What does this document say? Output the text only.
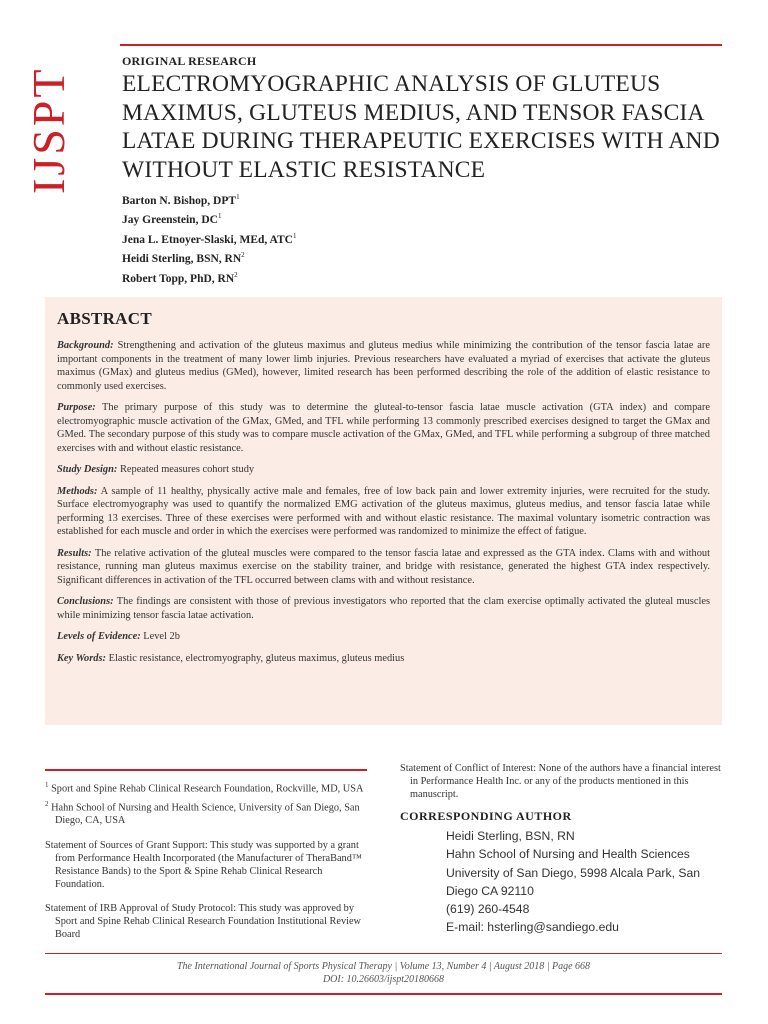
IJSPT
ORIGINAL RESEARCH
ELECTROMYOGRAPHIC ANALYSIS OF GLUTEUS
MAXIMUS, GLUTEUS MEDIUS, AND TENSOR FASCIA
LATAE DURING THERAPEUTIC EXERCISES WITH AND
WITHOUT ELASTIC RESISTANCE
Barton N. Bishop, DPT$^1$
Jay Greenstein, $DC^1$
Jena L. Etnoyer-Slaski, MEd, ATC$^1$
Heidi Sterling, BSN, $RN^2$
Robert Topp, PhD, $RN^2$
ABSTRACT

Background: Strengthening and activation of the gluteus maximus and gluteus medius while minimizing the contribution of the tensor fascia latae are important components in the treatment of many lower limb injuries. Previous researchers have evaluated a myriad of exercises that activate the gluteus maximus (GMax) and gluteus medius (GMed), however, limited research has been performed describing the role of the addition of elastic resistance to commonly used exercises.

Purpose: The primary purpose of this study was to determine the gluteal-to-tensor fascia latae muscle activation (GTA index) and compare electromyographic muscle activation of the GMax, GMed, and TFL while performing 13 commonly prescribed exercises designed to target the GMax and GMed. The secondary purpose of this study was to compare muscle activation of the GMax, GMed, and TFL while performing a subgroup of three matched exercises with and without elastic resistance.

Study Design: Repeated measures cohort study

Methods: A sample of 11 healthy, physically active male and females, free of low back pain and lower extremity injuries, were recruited for the study. Surface electromyography was used to quantify the normalized EMG activation of the gluteus maximus, gluteus medius, and tensor fascia latae while performing 13 exercises. Three of these exercises were performed with and without elastic resistance. The maximal voluntary isometric contraction was established for each muscle and order in which the exercises were performed was randomized to minimize the effect of fatigue.

Results: The relative activation of the gluteal muscles were compared to the tensor fascia latae and expressed as the GTA index. Clams with and without resistance, running man gluteus maximus exercise on the stability trainer, and bridge with resistance, generated the highest GTA index respectively. Significant differences in activation of the TFL occurred between clams with and without resistance.

Conclusions: The findings are consistent with those of previous investigators who reported that the clam exercise optimally activated the gluteal muscles while minimizing tensor fascia latae activation.

Levels of Evidence: Level 2b

Key Words: Elastic resistance, electromyography, gluteus maximus, gluteus medius

$^1$ Sport and Spine Rehab Clinical Research Foundation, Rockville, MD, USA

$^2$ Hahn School of Nursing and Health Science, University of San Diego, San Diego, CA, USA

Statement of Sources of Grant Support: This study was supported by a grant from Performance Health Incorporated (the Manufacturer of TheraBand™ Resistance Bands) to the Sport & Spine Rehab Clinical Research Foundation.

Statement of IRB Approval of Study Protocol: This study was approved by Sport and Spine Rehab Clinical Research Foundation Institutional Review Board

Statement of Conflict of Interest: None of the authors have a financial interest in Performance Health Inc. or any of the products mentioned in this manuscript.

CORRESPONDING AUTHOR
Heidi Sterling, BSN, RN
Hahn School of Nursing and Health Sciences
University of San Diego, 5998 Alcala Park, San
Diego CA 92110
(619) 260-4548
E-mail: hsterling@sandiego.edu
The International Journal of Sports Physical Therapy | Volume 13, Number 4 | August 2018 | Page 668
DOI: 10.26603/ijspt20180668
